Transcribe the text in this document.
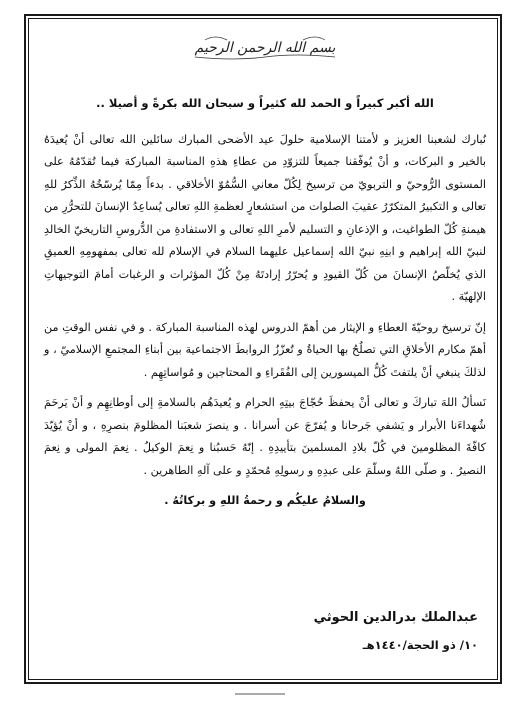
بسم الله الرحمن الرحيم

الله أكبر كبيراً و الحمد لله كثيراً و سبحان الله بكرةً و أصيلا ..

نُبارك لشعبنا العزيز و لأمتنا الإسلامية حلولَ عيد الأضحى المبارك سائلين الله تعالى أنْ يُعيدَهُ بالخير و البركات، و أنْ يُوفّقنا جميعاً للتزوّدِ من عطاءِ هذهِ المناسبة المباركة فيما تُقدّمُهُ على المستوى الرُّوحيّ و التربويّ من ترسيخ لِكُلّ معاني السُّمُوّ الأخلاقي . بدءاً مِمّا يُرسّخُهُ الذِّكرُ للهِ تعالى و التكبيرُ المتكرّرُ عقيبَ الصلوات من استشعارٍ لعظمةِ اللهِ تعالى يُساعِدُ الإنسانَ للتحرُّرِ من هيمنةِ كُلّ الطواغيت، و الإذعانِ و التسليم لأمرِ اللهِ تعالى و الاستفادةِ من الدُّروسِ التاريخيّ الخالدِ لنبيّ الله إبراهيم و ابنِهِ نبيّ الله إسماعيل عليهما السلام في الإسلام لله تعالى بمفهومِهِ العميقِ الذي يُخلّصُ الإنسانَ من كُلّ القيودِ و يُحرّرُ إرادتَهُ مِنْ كُلّ المؤثرات و الرغبات أمامَ التوجيهاتِ الإلهيّة .

إنّ ترسيخ روحيّةَ العطاءِ و الإيثار من أهمّ الدروس لهذه المناسبة المباركة . و في نفس الوقتِ من أهمّ مكارم الأخلاقِ التي تصلُحُ بها الحياةُ و تُعزّزُ الروابطَ الاجتماعية بين أبناءِ المجتمعِ الإسلاميّ ، و لذلكَ ينبغي أنْ يلتفتَ كُلُّ الميسورين إلى الفُقَراءِ و المحتاجين و مُواساتِهِم .

نَسألُ اللهَ تباركَ و تعالى أنْ يحفظَ حُجّاجَ بيتِهِ الحرام و يُعيدَهُم بالسلامةِ إلى أوطانِهِم و أنْ يَرحَمَ شُهداءَنا الأبرار و يَشفي جَرحانا و يُفرّجَ عن أسرانا . و ينصرَ شعبَنا المظلومَ بنصرِهِ ، و أنْ يُؤيّدَ كافّةَ المظلومينَ في كُلّ بلادِ المسلمينَ بتأييدِهِ . إنّهُ حَسبُنا و نِعمَ الوكيلُ . نِعمَ المولى و نِعمَ النصيرُ . و صلّى اللهُ وسلّمَ على عبدِهِ و رسولِهِ مُحمّدٍ و على آلهِ الطاهرين .

والسلامُ عليكُم و رحمةُ اللهِ و بركاتُهُ .

عبدالملك بدرالدين الحوثي
١٠/ ذو الحجة/١٤٤٠هـ
